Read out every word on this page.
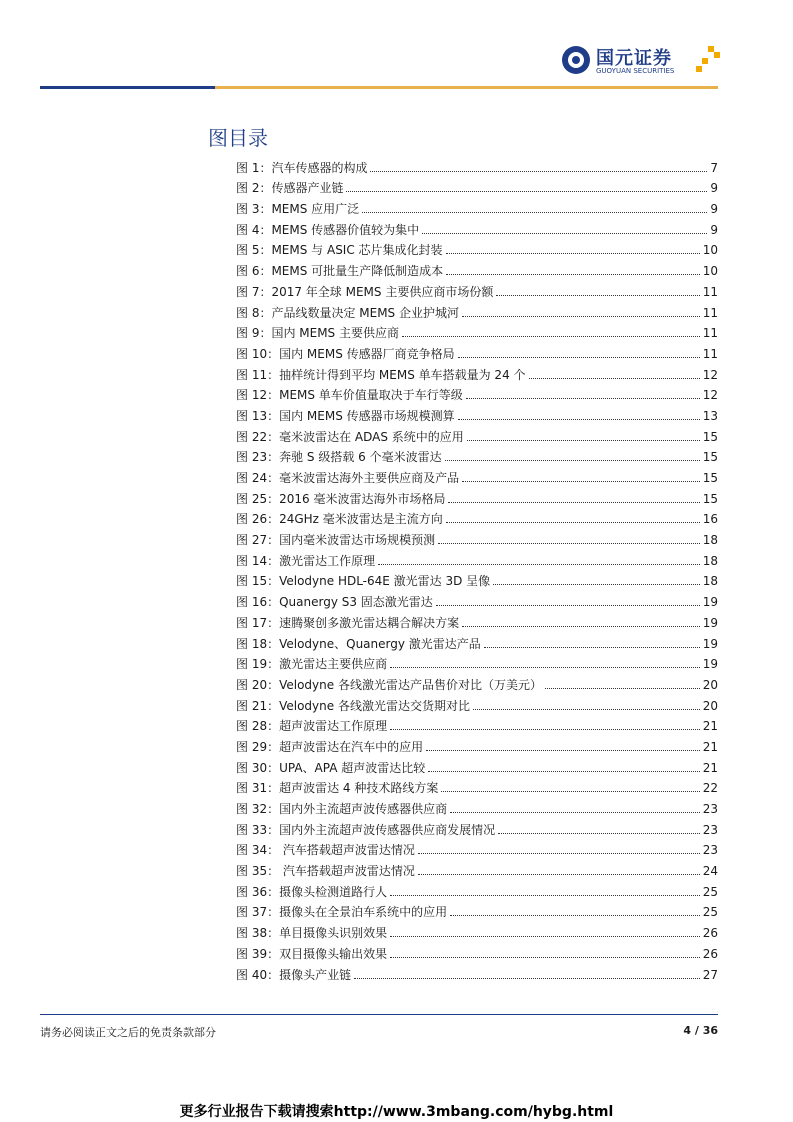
国元证券
GUOYUAN SECURITIES
图目录
图 1：汽车传感器的构成	7
图 2：传感器产业链	9
图 3：MEMS 应用广泛	9
图 4：MEMS 传感器价值较为集中	9
图 5：MEMS 与 ASIC 芯片集成化封装	10
图 6：MEMS 可批量生产降低制造成本	10
图 7：2017 年全球 MEMS 主要供应商市场份额	11
图 8：产品线数量决定 MEMS 企业护城河	11
图 9：国内 MEMS 主要供应商	11
图 10：国内 MEMS 传感器厂商竞争格局	11
图 11：抽样统计得到平均 MEMS 单车搭载量为 24 个	12
图 12：MEMS 单车价值量取决于车行等级	12
图 13：国内 MEMS 传感器市场规模测算	13
图 22：毫米波雷达在 ADAS 系统中的应用	15
图 23：奔驰 S 级搭载 6 个毫米波雷达	15
图 24：毫米波雷达海外主要供应商及产品	15
图 25：2016 毫米波雷达海外市场格局	15
图 26：24GHz 毫米波雷达是主流方向	16
图 27：国内毫米波雷达市场规模预测	18
图 14：激光雷达工作原理	18
图 15：Velodyne HDL-64E 激光雷达 3D 呈像	18
图 16：Quanergy S3 固态激光雷达	19
图 17：速腾聚创多激光雷达耦合解决方案	19
图 18：Velodyne、Quanergy 激光雷达产品	19
图 19：激光雷达主要供应商	19
图 20：Velodyne 各线激光雷达产品售价对比（万美元）	20
图 21：Velodyne 各线激光雷达交货期对比	20
图 28：超声波雷达工作原理	21
图 29：超声波雷达在汽车中的应用	21
图 30：UPA、APA 超声波雷达比较	21
图 31：超声波雷达 4 种技术路线方案	22
图 32：国内外主流超声波传感器供应商	23
图 33：国内外主流超声波传感器供应商发展情况	23
图 34： 汽车搭载超声波雷达情况	23
图 35： 汽车搭载超声波雷达情况	24
图 36：摄像头检测道路行人	25
图 37：摄像头在全景泊车系统中的应用	25
图 38：单目摄像头识别效果	26
图 39：双目摄像头输出效果	26
图 40：摄像头产业链	27
请务必阅读正文之后的免责条款部分	4 / 36
更多行业报告下载请搜索http://www.3mbang.com/hybg.html
